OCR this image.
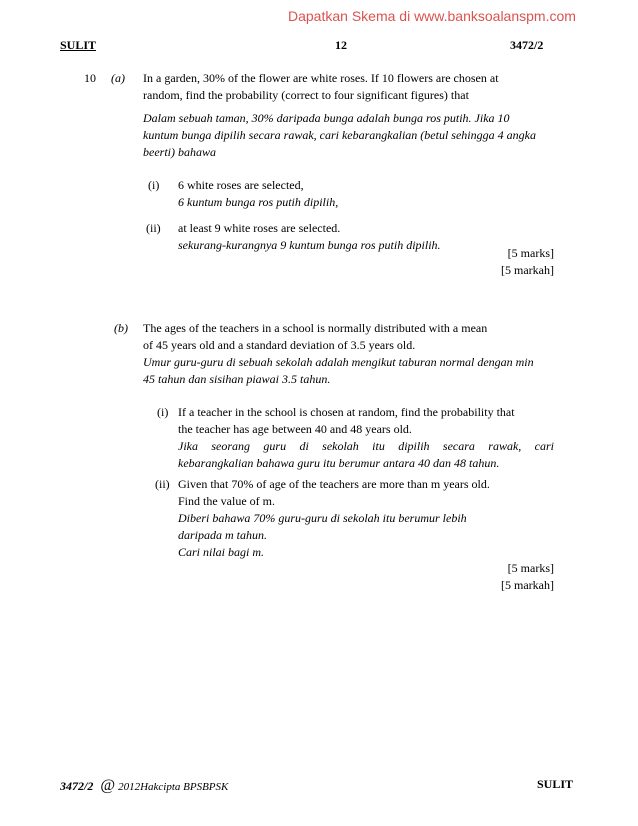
Dapatkan Skema di www.banksoalanspm.com
SULIT	12	3472/2
10 (a) In a garden, 30% of the flower are white roses. If 10 flowers are chosen at
random, find the probability (correct to four significant figures) that
Dalam sebuah taman, 30% daripada bunga adalah bunga ros putih. Jika 10
kuntum bunga dipilih secara rawak, cari kebarangkalian (betul sehingga 4 angka
beerti) bahawa
(i) 6 white roses are selected,
6 kuntum bunga ros putih dipilih,
(ii) at least 9 white roses are selected.
sekurang-kurangnya 9 kuntum bunga ros putih dipilih.
[5 marks]
[5 markah]
(b) The ages of the teachers in a school is normally distributed with a mean
of 45 years old and a standard deviation of 3.5 years old.
Umur guru-guru di sebuah sekolah adalah mengikut taburan normal dengan min
45 tahun dan sisihan piawai 3.5 tahun.
(i) If a teacher in the school is chosen at random, find the probability that
the teacher has age between 40 and 48 years old.
Jika seorang guru di sekolah itu dipilih secara rawak, cari
kebarangkalian bahawa guru itu berumur antara 40 dan 48 tahun.
(ii) Given that 70% of age of the teachers are more than m years old.
Find the value of m.
Diberi bahawa 70% guru-guru di sekolah itu berumur lebih
daripada m tahun.
Cari nilai bagi m.
[5 marks]
[5 markah]
3472/2 @ 2012Hakcipta BPSBPSK	SULIT
